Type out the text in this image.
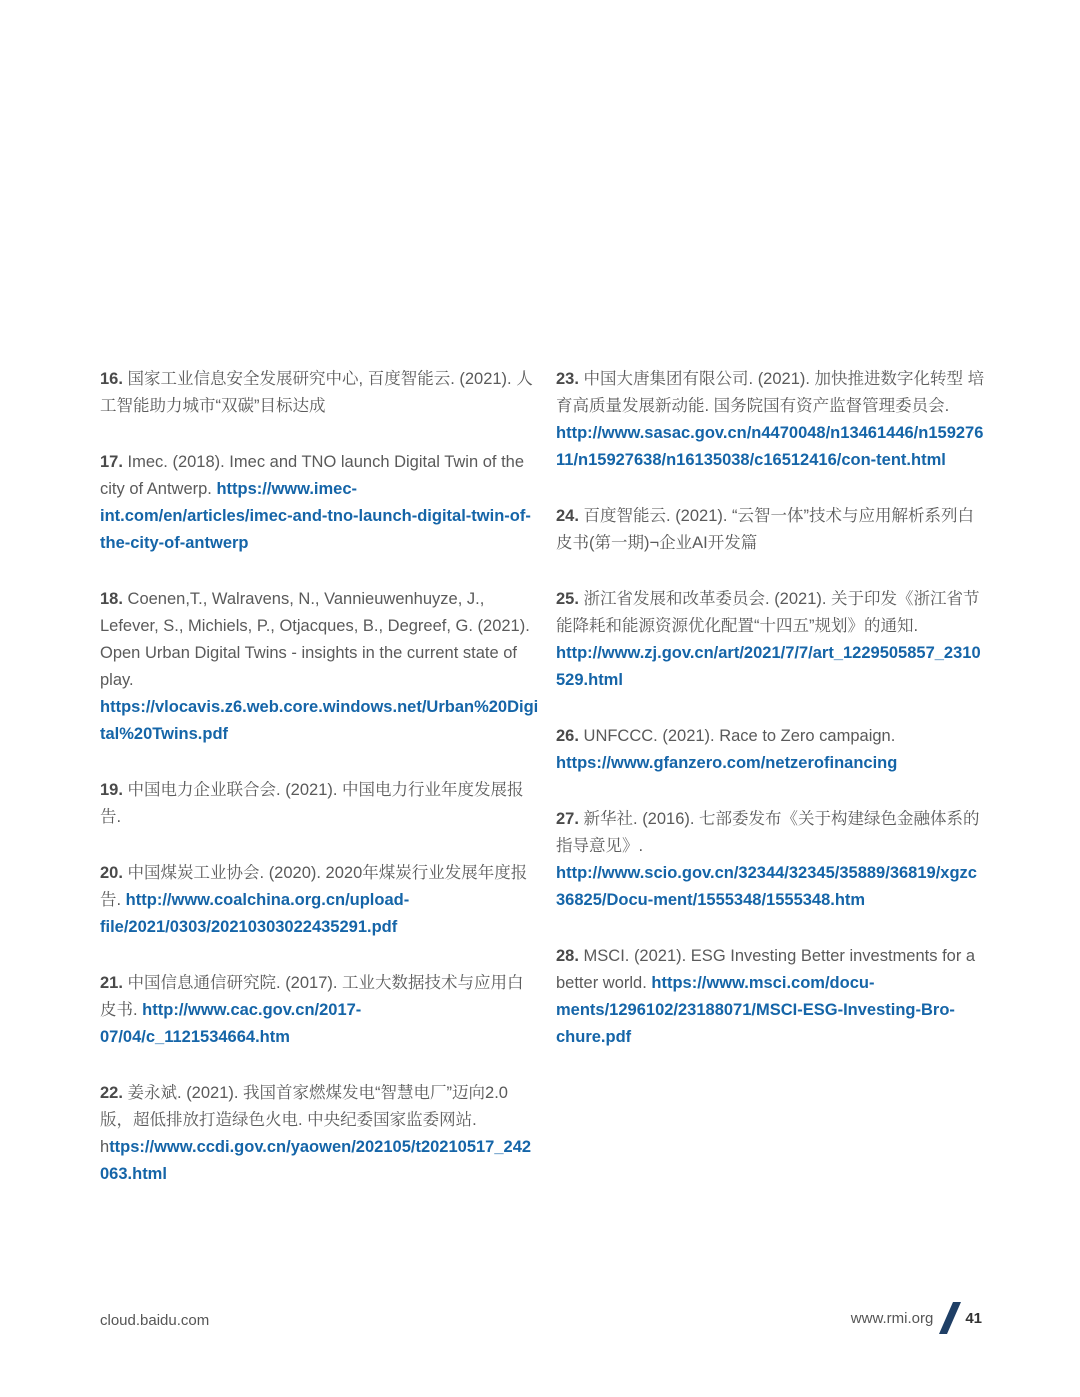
16. 国家工业信息安全发展研究中心, 百度智能云. (2021). 人工智能助力城市“双碳”目标达成

17. Imec. (2018). Imec and TNO launch Digital Twin of the city of Antwerp. https://www.imec-int.com/en/articles/imec-and-tno-launch-digital-twin-of-the-city-of-antwerp

18. Coenen,T., Walravens, N., Vannieuwenhuyze, J., Lefever, S., Michiels, P., Otjacques, B., Degreef, G. (2021). Open Urban Digital Twins - insights in the current state of play. https://vlocavis.z6.web.core.windows.net/Urban%20Digital%20Twins.pdf

19. 中国电力企业联合会. (2021). 中国电力行业年度发展报告.

20. 中国煤炭工业协会. (2020). 2020年煤炭行业发展年度报告. http://www.coalchina.org.cn/upload-file/2021/0303/20210303022435291.pdf

21. 中国信息通信研究院. (2017). 工业大数据技术与应用白皮书. http://www.cac.gov.cn/2017-07/04/c_1121534664.htm

22. 姜永斌. (2021). 我国首家燃煤发电“智慧电厂”迈向2.0版，超低排放打造绿色火电. 中央纪委国家监委网站. https://www.ccdi.gov.cn/yaowen/202105/t20210517_242063.html

23. 中国大唐集团有限公司. (2021). 加快推进数字化转型 培育高质量发展新动能. 国务院国有资产监督管理委员会. http://www.sasac.gov.cn/n4470048/n13461446/n15927611/n15927638/n16135038/c16512416/con-tent.html

24. 百度智能云. (2021). “云智一体”技术与应用解析系列白皮书(第一期)¬企业AI开发篇

25. 浙江省发展和改革委员会. (2021). 关于印发《浙江省节能降耗和能源资源优化配置“十四五”规划》的通知. http://www.zj.gov.cn/art/2021/7/7/art_1229505857_2310529.html

26. UNFCCC. (2021). Race to Zero campaign. https://www.gfanzero.com/netzerofinancing

27. 新华社. (2016). 七部委发布《关于构建绿色金融体系的指导意见》. http://www.scio.gov.cn/32344/32345/35889/36819/xgzc36825/Docu-ment/1555348/1555348.htm

28. MSCI. (2021). ESG Investing Better investments for a better world. https://www.msci.com/docu-ments/1296102/23188071/MSCI-ESG-Investing-Bro-chure.pdf

cloud.baidu.com	www.rmi.org 41
